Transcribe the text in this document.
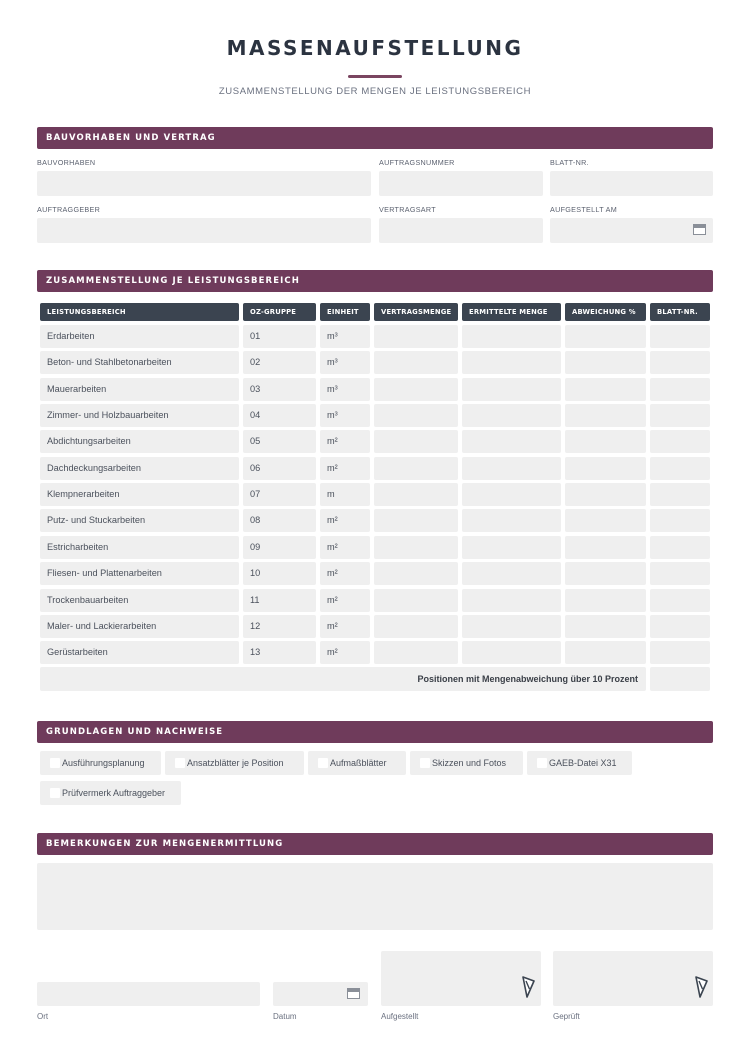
MASSENAUFSTELLUNG
ZUSAMMENSTELLUNG DER MENGEN JE LEISTUNGSBEREICH
BAUVORHABEN UND VERTRAG
BAUVORHABEN	AUFTRAGSNUMMER	BLATT-NR.
AUFTRAGGEBER	VERTRAGSART	AUFGESTELLT AM
ZUSAMMENSTELLUNG JE LEISTUNGSBEREICH
LEISTUNGSBEREICH	OZ-GRUPPE	EINHEIT	VERTRAGSMENGE	ERMITTELTE MENGE	ABWEICHUNG %	BLATT-NR.
Erdarbeiten	01	m³
Beton- und Stahlbetonarbeiten	02	m³
Mauerarbeiten	03	m³
Zimmer- und Holzbauarbeiten	04	m³
Abdichtungsarbeiten	05	m²
Dachdeckungsarbeiten	06	m²
Klempnerarbeiten	07	m
Putz- und Stuckarbeiten	08	m²
Estricharbeiten	09	m²
Fliesen- und Plattenarbeiten	10	m²
Trockenbauarbeiten	11	m²
Maler- und Lackierarbeiten	12	m²
Gerüstarbeiten	13	m²
Positionen mit Mengenabweichung über 10 Prozent
GRUNDLAGEN UND NACHWEISE
Ausführungsplanung	Ansatzblätter je Position	Aufmaßblätter	Skizzen und Fotos	GAEB-Datei X31
Prüfvermerk Auftraggeber
BEMERKUNGEN ZUR MENGENERMITTLUNG
Ort	Datum	Aufgestellt	Geprüft
